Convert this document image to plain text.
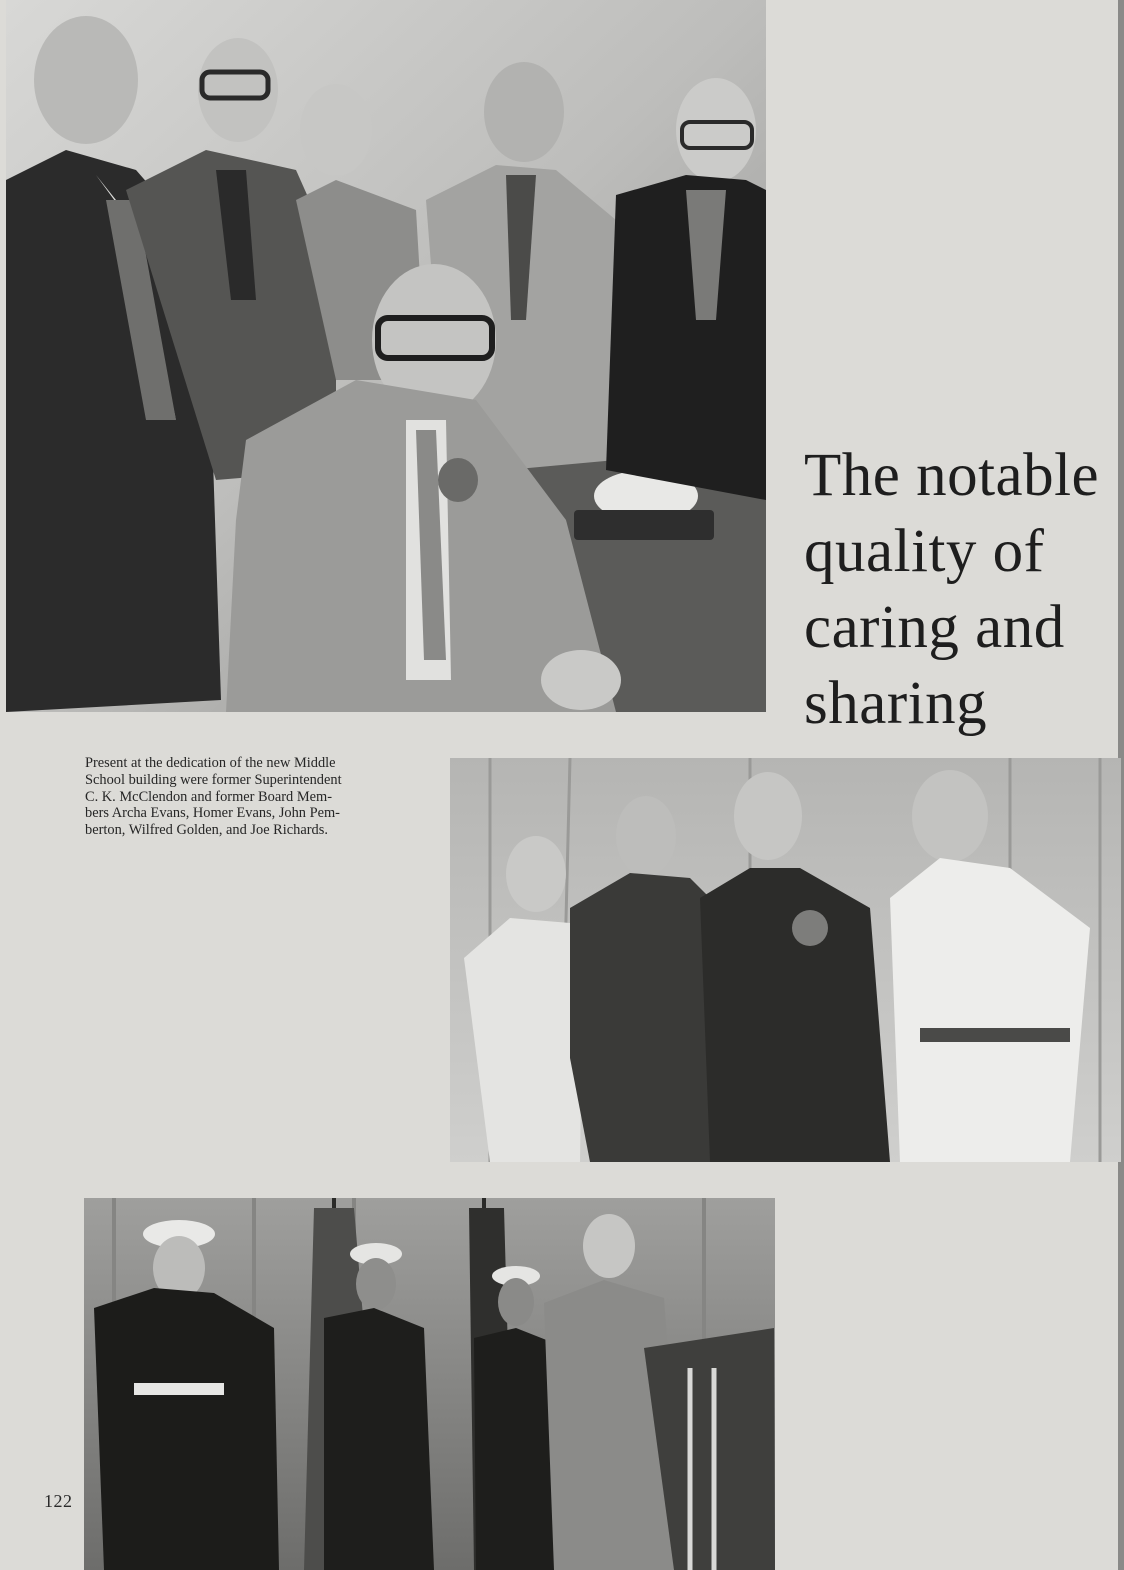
The notable
quality of
caring and
sharing

Present at the dedication of the new Middle
School building were former Superintendent
C. K. McClendon and former Board Mem-
bers Archa Evans, Homer Evans, John Pem-
berton, Wilfred Golden, and Joe Richards.

122
